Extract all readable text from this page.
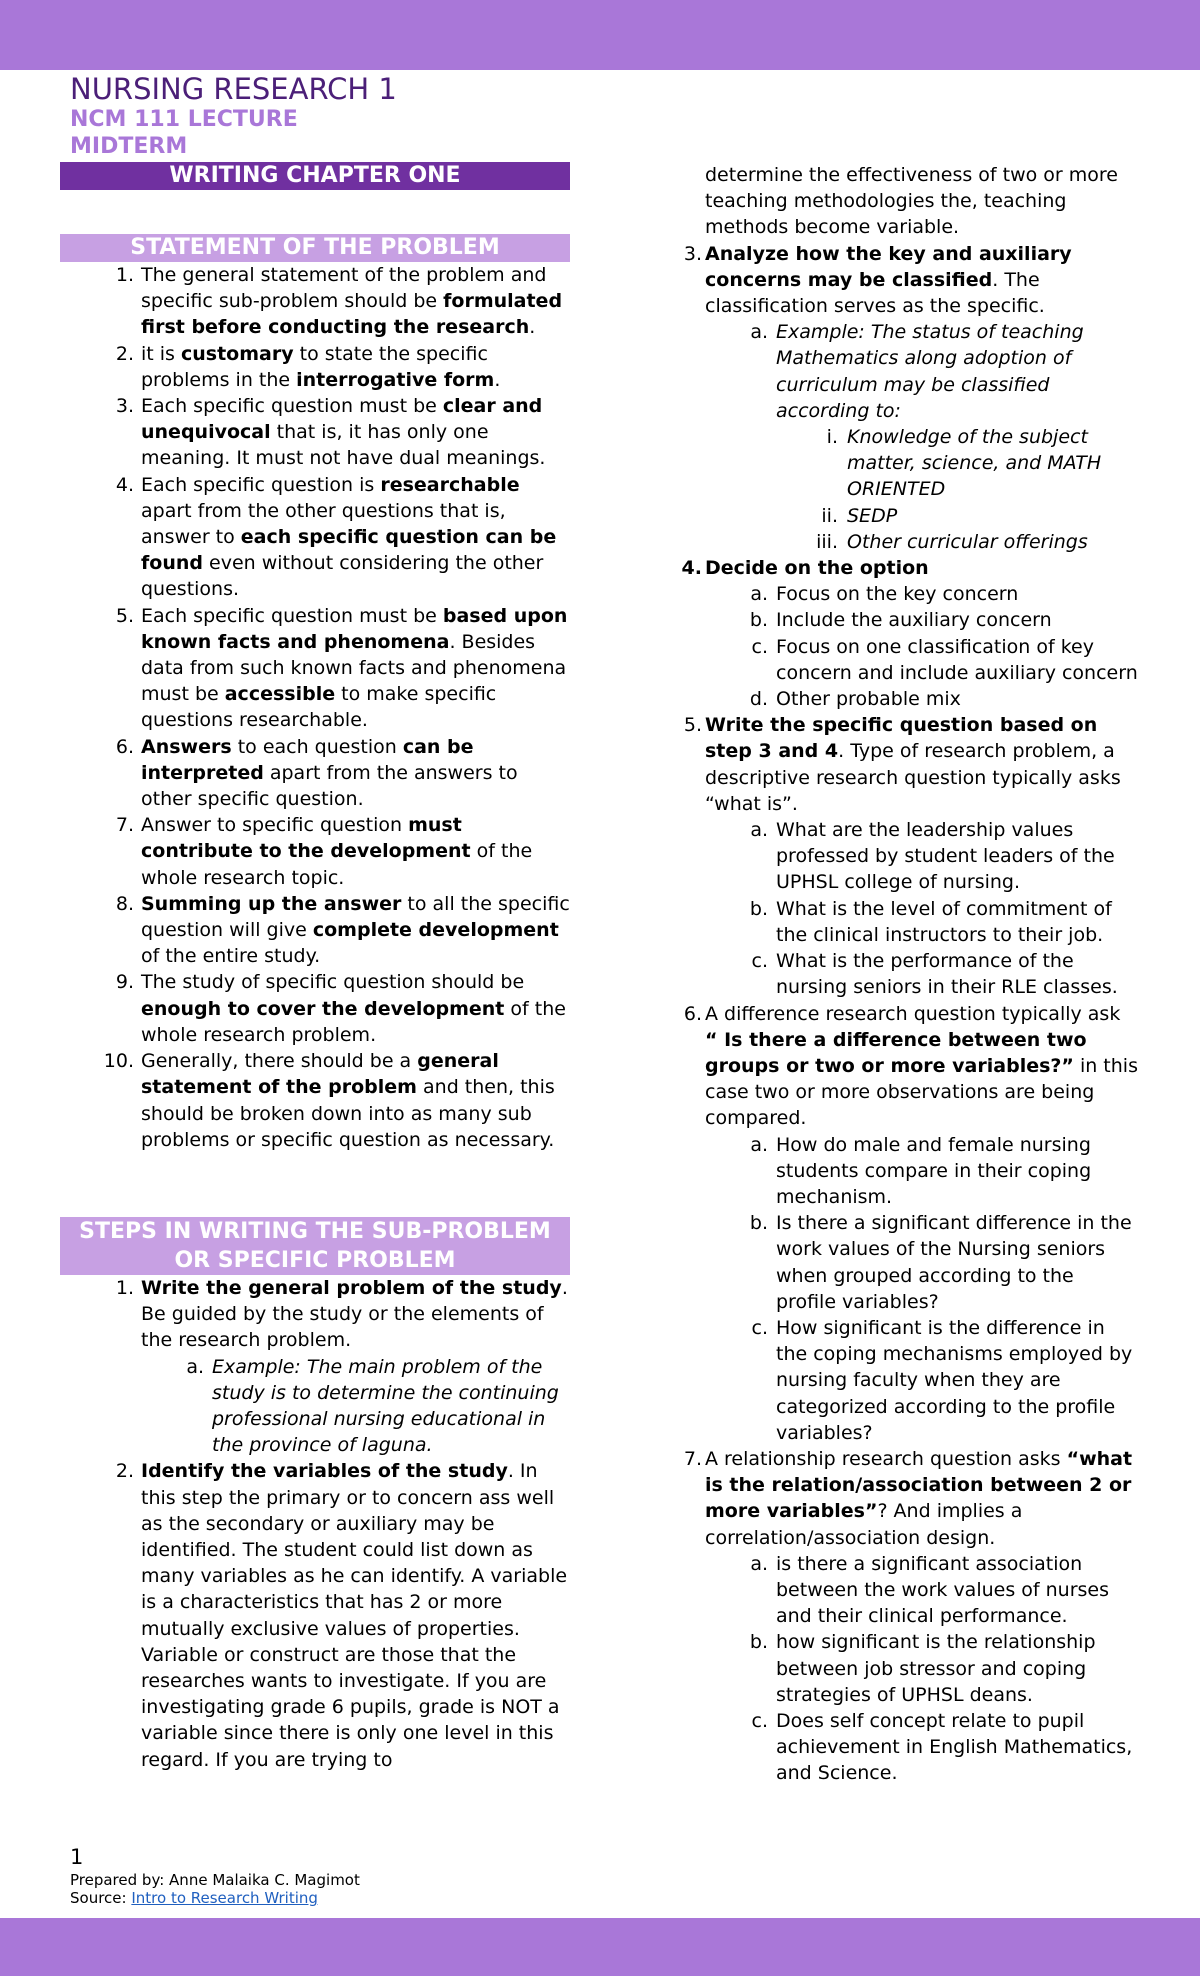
NURSING RESEARCH 1
NCM 111 LECTURE
MIDTERM
WRITING CHAPTER ONE
STATEMENT OF THE PROBLEM
1. The general statement of the problem and specific sub-problem should be formulated first before conducting the research.
2. it is customary to state the specific problems in the interrogative form.
3. Each specific question must be clear and unequivocal that is, it has only one meaning. It must not have dual meanings.
4. Each specific question is researchable apart from the other questions that is, answer to each specific question can be found even without considering the other questions.
5. Each specific question must be based upon known facts and phenomena. Besides data from such known facts and phenomena must be accessible to make specific questions researchable.
6. Answers to each question can be interpreted apart from the answers to other specific question.
7. Answer to specific question must contribute to the development of the whole research topic.
8. Summing up the answer to all the specific question will give complete development of the entire study.
9. The study of specific question should be enough to cover the development of the whole research problem.
10. Generally, there should be a general statement of the problem and then, this should be broken down into as many sub problems or specific question as necessary.
STEPS IN WRITING THE SUB-PROBLEM OR SPECIFIC PROBLEM
1. Write the general problem of the study. Be guided by the study or the elements of the research problem.
a. Example: The main problem of the study is to determine the continuing professional nursing educational in the province of laguna.
2. Identify the variables of the study. In this step the primary or to concern ass well as the secondary or auxiliary may be identified. The student could list down as many variables as he can identify. A variable is a characteristics that has 2 or more mutually exclusive values of properties. Variable or construct are those that the researches wants to investigate. If you are investigating grade 6 pupils, grade is NOT a variable since there is only one level in this regard. If you are trying to
determine the effectiveness of two or more teaching methodologies the, teaching methods become variable.
3. Analyze how the key and auxiliary concerns may be classified. The classification serves as the specific.
a. Example: The status of teaching Mathematics along adoption of curriculum may be classified according to:
i. Knowledge of the subject matter, science, and MATH ORIENTED
ii. SEDP
iii. Other curricular offerings
4. Decide on the option
a. Focus on the key concern
b. Include the auxiliary concern
c. Focus on one classification of key concern and include auxiliary concern
d. Other probable mix
5. Write the specific question based on step 3 and 4. Type of research problem, a descriptive research question typically asks “what is”.
a. What are the leadership values professed by student leaders of the UPHSL college of nursing.
b. What is the level of commitment of the clinical instructors to their job.
c. What is the performance of the nursing seniors in their RLE classes.
6. A difference research question typically ask “ Is there a difference between two groups or two or more variables?” in this case two or more observations are being compared.
a. How do male and female nursing students compare in their coping mechanism.
b. Is there a significant difference in the work values of the Nursing seniors when grouped according to the profile variables?
c. How significant is the difference in the coping mechanisms employed by nursing faculty when they are categorized according to the profile variables?
7. A relationship research question asks “what is the relation/association between 2 or more variables”? And implies a correlation/association design.
a. is there a significant association between the work values of nurses and their clinical performance.
b. how significant is the relationship between job stressor and coping strategies of UPHSL deans.
c. Does self concept relate to pupil achievement in English Mathematics, and Science.
1
Prepared by: Anne Malaika C. Magimot
Source: Intro to Research Writing
